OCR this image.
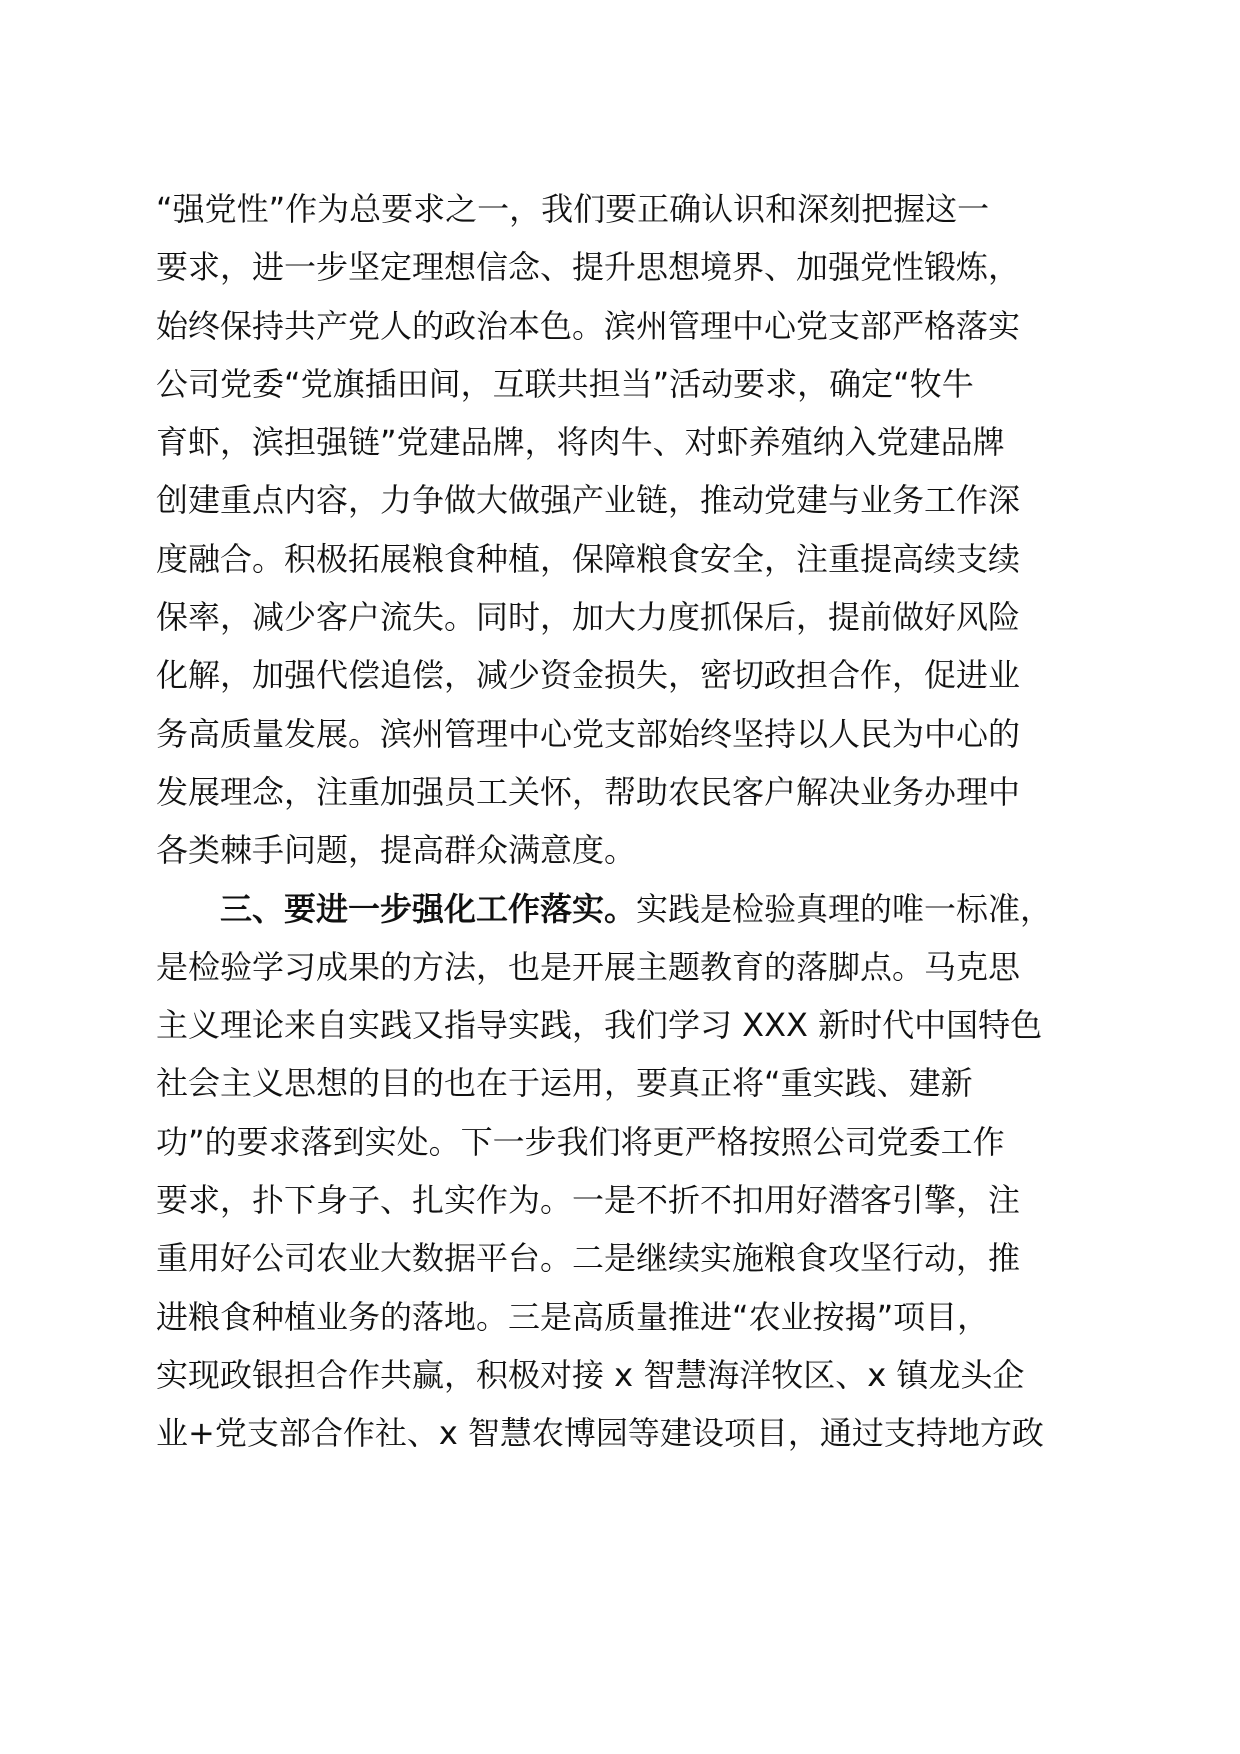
“强党性”作为总要求之一，我们要正确认识和深刻把握这一
要求，进一步坚定理想信念、提升思想境界、加强党性锻炼，
始终保持共产党人的政治本色。滨州管理中心党支部严格落实
公司党委“党旗插田间，互联共担当”活动要求，确定“牧牛
育虾，滨担强链”党建品牌，将肉牛、对虾养殖纳入党建品牌
创建重点内容，力争做大做强产业链，推动党建与业务工作深
度融合。积极拓展粮食种植，保障粮食安全，注重提高续支续
保率，减少客户流失。同时，加大力度抓保后，提前做好风险
化解，加强代偿追偿，减少资金损失，密切政担合作，促进业
务高质量发展。滨州管理中心党支部始终坚持以人民为中心的
发展理念，注重加强员工关怀，帮助农民客户解决业务办理中
各类棘手问题，提高群众满意度。
三、要进一步强化工作落实。实践是检验真理的唯一标准，
是检验学习成果的方法，也是开展主题教育的落脚点。马克思
主义理论来自实践又指导实践，我们学习 XXX 新时代中国特色
社会主义思想的目的也在于运用，要真正将“重实践、建新
功”的要求落到实处。下一步我们将更严格按照公司党委工作
要求，扑下身子、扎实作为。一是不折不扣用好潜客引擎，注
重用好公司农业大数据平台。二是继续实施粮食攻坚行动，推
进粮食种植业务的落地。三是高质量推进“农业按揭”项目，
实现政银担合作共赢，积极对接 x 智慧海洋牧区、x 镇龙头企
业+党支部合作社、x 智慧农博园等建设项目，通过支持地方政
